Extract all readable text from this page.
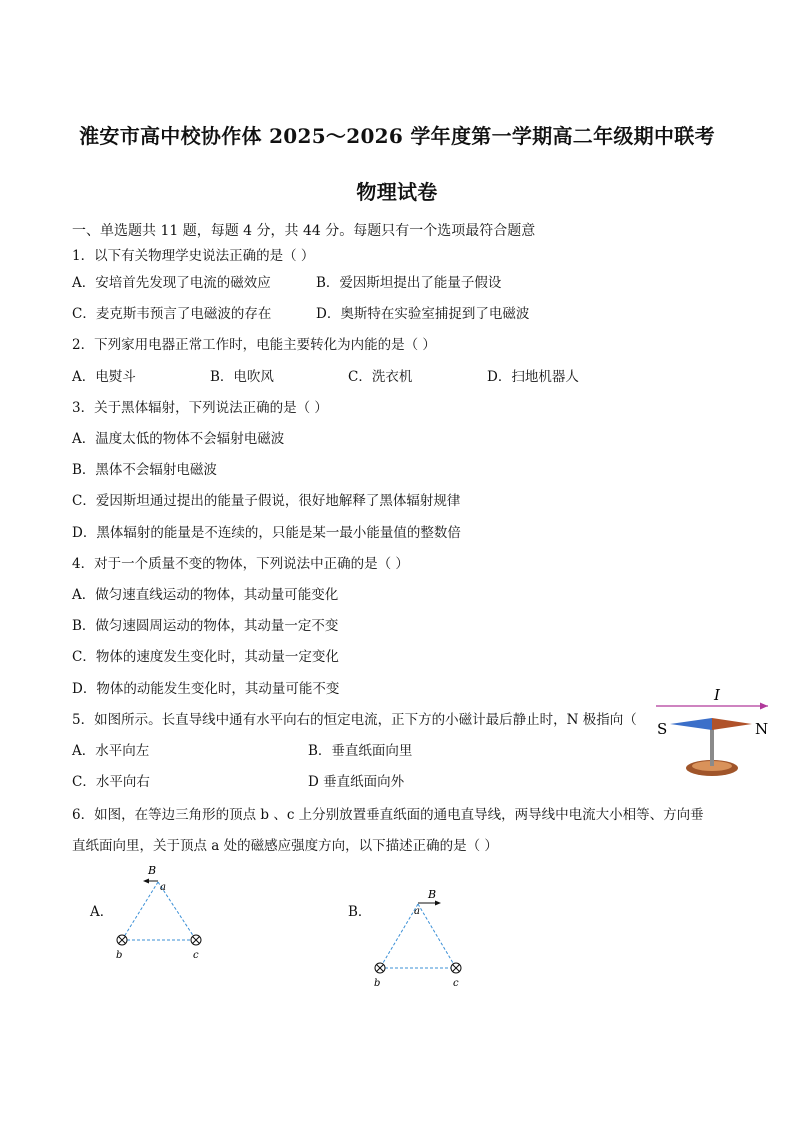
淮安市高中校协作体 2025～2026 学年度第一学期高二年级期中联考
物理试卷
一、单选题共 11 题，每题 4 分，共 44 分。每题只有一个选项最符合题意
1．以下有关物理学史说法正确的是（ ）
A．安培首先发现了电流的磁效应	B．爱因斯坦提出了能量子假设
C．麦克斯韦预言了电磁波的存在	D．奥斯特在实验室捕捉到了电磁波
2．下列家用电器正常工作时，电能主要转化为内能的是（ ）
A．电熨斗	B．电吹风	C．洗衣机	D．扫地机器人
3．关于黑体辐射，下列说法正确的是（ ）
A．温度太低的物体不会辐射电磁波
B．黑体不会辐射电磁波
C．爱因斯坦通过提出的能量子假说，很好地解释了黑体辐射规律
D．黑体辐射的能量是不连续的，只能是某一最小能量值的整数倍
4．对于一个质量不变的物体，下列说法中正确的是（ ）
A．做匀速直线运动的物体，其动量可能变化
B．做匀速圆周运动的物体，其动量一定不变
C．物体的速度发生变化时，其动量一定变化
D．物体的动能发生变化时，其动量可能不变
5．如图所示。长直导线中通有水平向右的恒定电流，正下方的小磁计最后静止时，N 极指向（
A．水平向左	B．垂直纸面向里
C．水平向右	D 垂直纸面向外
I
S	N
6．如图，在等边三角形的顶点 b 、c 上分别放置垂直纸面的通电直导线，两导线中电流大小相等、方向垂
直纸面向里，关于顶点 a 处的磁感应强度方向，以下描述正确的是（ ）
A．
B
a
b	c
B．
B
a
b	c
